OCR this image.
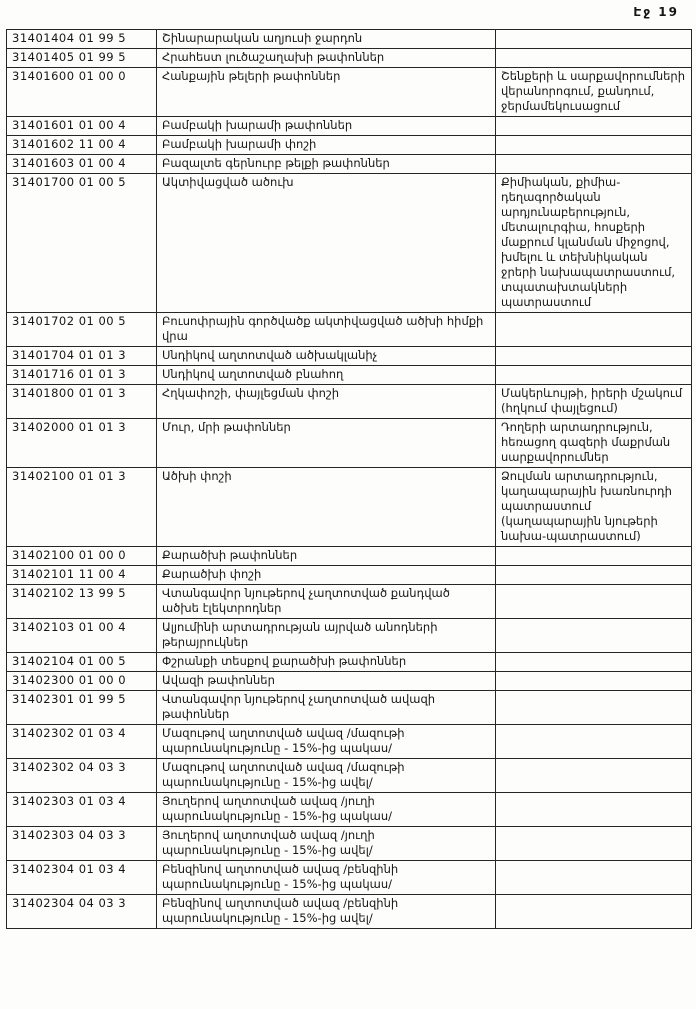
Էջ 19
31401404 01 99 5	Շինարարական աղյուսի ջարդոն	
31401405 01 99 5	Հրահեստ լուծաշաղախի թափոններ	
31401600 01 00 0	Հանքային թելերի թափոններ	Շենքերի և սարքավորումների վերանորոգում, քանդում, ջերմամեկուսացում
31401601 01 00 4	Բամբակի խարամի թափոններ	
31401602 11 00 4	Բամբակի խարամի փոշի	
31401603 01 00 4	Բազալտե գերնուրբ թելքի թափոններ	
31401700 01 00 5	Ակտիվացված ածուխ	Քիմիական, քիմիա-դեղագործական արդյունաբերություն, մետալուրգիա, հոսքերի մաքրում կլանման միջոցով, խմելու և տեխնիկական ջրերի նախապատրաստում, տպատախտակների պատրաստում
31401702 01 00 5	Բուսոփրային գործվածք ակտիվացված ածխի հիմքի վրա	
31401704 01 01 3	Սնդիկով աղտոտված ածխակլանիչ	
31401716 01 01 3	Սնդիկով աղտոտված բնահող	
31401800 01 01 3	Հղկափոշի, փայլեցման փոշի	Մակերևույթի, իրերի մշակում (հղկում փայլեցում)
31402000 01 01 3	Մուր, մրի թափոններ	Դողերի արտադրություն, հեռացող գազերի մաքրման սարքավորումներ
31402100 01 01 3	Ածխի փոշի	Ձուլման արտադրություն, կաղապարային խառնուրդի պատրաստում (կաղապարային նյութերի նախա-պատրաստում)
31402100 01 00 0	Քարածխի թափոններ	
31402101 11 00 4	Քարածխի փոշի	
31402102 13 99 5	Վտանգավոր նյութերով չաղտոտված քանդված ածխե էլեկտրոդներ	
31402103 01 00 4	Ալյումինի արտադրության այրված անոդների թերայրուկներ	
31402104 01 00 5	Փշրանքի տեսքով քարածխի թափոններ	
31402300 01 00 0	Ավազի թափոններ	
31402301 01 99 5	Վտանգավոր նյութերով չաղտոտված ավազի թափոններ	
31402302 01 03 4	Մազութով աղտոտված ավազ /մազութի պարունակությունը - 15%-ից պակաս/	
31402302 04 03 3	Մազութով աղտոտված ավազ /մազութի պարունակությունը - 15%-ից ավել/	
31402303 01 03 4	Յուղերով աղտոտված ավազ /յուղի պարունակությունը - 15%-ից պակաս/	
31402303 04 03 3	Յուղերով աղտոտված ավազ /յուղի պարունակությունը - 15%-ից ավել/	
31402304 01 03 4	Բենզինով աղտոտված ավազ /բենզինի պարունակությունը - 15%-ից պակաս/	
31402304 04 03 3	Բենզինով աղտոտված ավազ /բենզինի պարունակությունը - 15%-ից ավել/	
